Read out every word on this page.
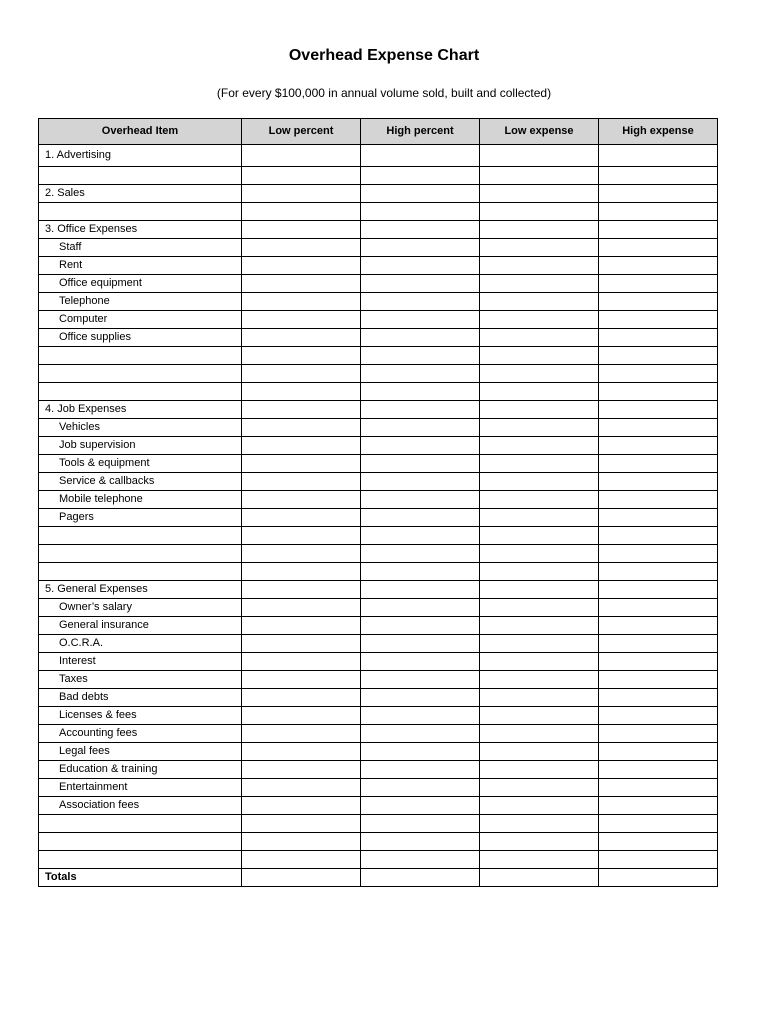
Overhead Expense Chart
(For every $100,000 in annual volume sold, built and collected)
Overhead Item	Low percent	High percent	Low expense	High expense
1. Advertising				

2. Sales				

3. Office Expenses				
Staff				
Rent				
Office equipment				
Telephone				
Computer				
Office supplies				

4. Job Expenses				
Vehicles				
Job supervision				
Tools & equipment				
Service & callbacks				
Mobile telephone				
Pagers				

5. General Expenses				
Owner’s salary				
General insurance				
O.C.R.A.				
Interest				
Taxes				
Bad debts				
Licenses & fees				
Accounting fees				
Legal fees				
Education & training				
Entertainment				
Association fees				

Totals				
